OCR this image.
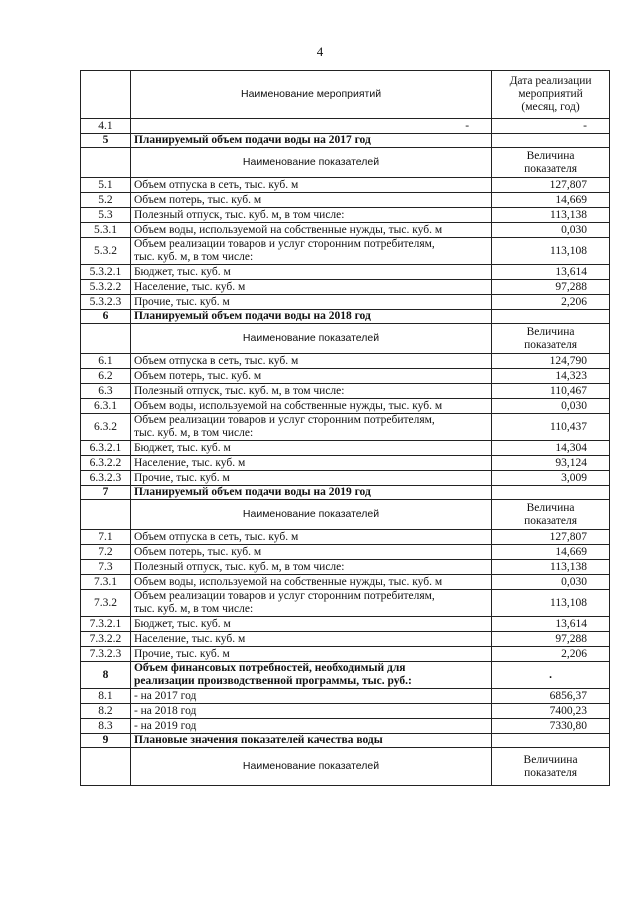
4
	Наименование мероприятий	Дата реализации
мероприятий
(месяц, год)
4.1	-	-
5	Планируемый объем подачи воды на 2017 год	
	Наименование показателей	Величина
показателя
5.1	Объем отпуска в сеть, тыс. куб. м	127,807
5.2	Объем потерь, тыс. куб. м	14,669
5.3	Полезный отпуск, тыс. куб. м, в том числе:	113,138
5.3.1	Объем воды, используемой на собственные нужды, тыс. куб. м	0,030
5.3.2	Объем реализации товаров и услуг сторонним потребителям,
тыс. куб. м, в том числе:	113,108
5.3.2.1	Бюджет, тыс. куб. м	13,614
5.3.2.2	Население, тыс. куб. м	97,288
5.3.2.3	Прочие, тыс. куб. м	2,206
6	Планируемый объем подачи воды на 2018 год	
	Наименование показателей	Величина
показателя
6.1	Объем отпуска в сеть, тыс. куб. м	124,790
6.2	Объем потерь, тыс. куб. м	14,323
6.3	Полезный отпуск, тыс. куб. м, в том числе:	110,467
6.3.1	Объем воды, используемой на собственные нужды, тыс. куб. м	0,030
6.3.2	Объем реализации товаров и услуг сторонним потребителям,
тыс. куб. м, в том числе:	110,437
6.3.2.1	Бюджет, тыс. куб. м	14,304
6.3.2.2	Население, тыс. куб. м	93,124
6.3.2.3	Прочие, тыс. куб. м	3,009
7	Планируемый объем подачи воды на 2019 год	
	Наименование показателей	Величина
показателя
7.1	Объем отпуска в сеть, тыс. куб. м	127,807
7.2	Объем потерь, тыс. куб. м	14,669
7.3	Полезный отпуск, тыс. куб. м, в том числе:	113,138
7.3.1	Объем воды, используемой на собственные нужды, тыс. куб. м	0,030
7.3.2	Объем реализации товаров и услуг сторонним потребителям,
тыс. куб. м, в том числе:	113,108
7.3.2.1	Бюджет, тыс. куб. м	13,614
7.3.2.2	Население, тыс. куб. м	97,288
7.3.2.3	Прочие, тыс. куб. м	2,206
8	Объем финансовых потребностей, необходимый для
реализации производственной программы, тыс. руб.:	.
8.1	- на 2017 год	6856,37
8.2	- на 2018 год	7400,23
8.3	- на 2019 год	7330,80
9	Плановые значения показателей качества воды	
	Наименование показателей	Величиина
показателя
